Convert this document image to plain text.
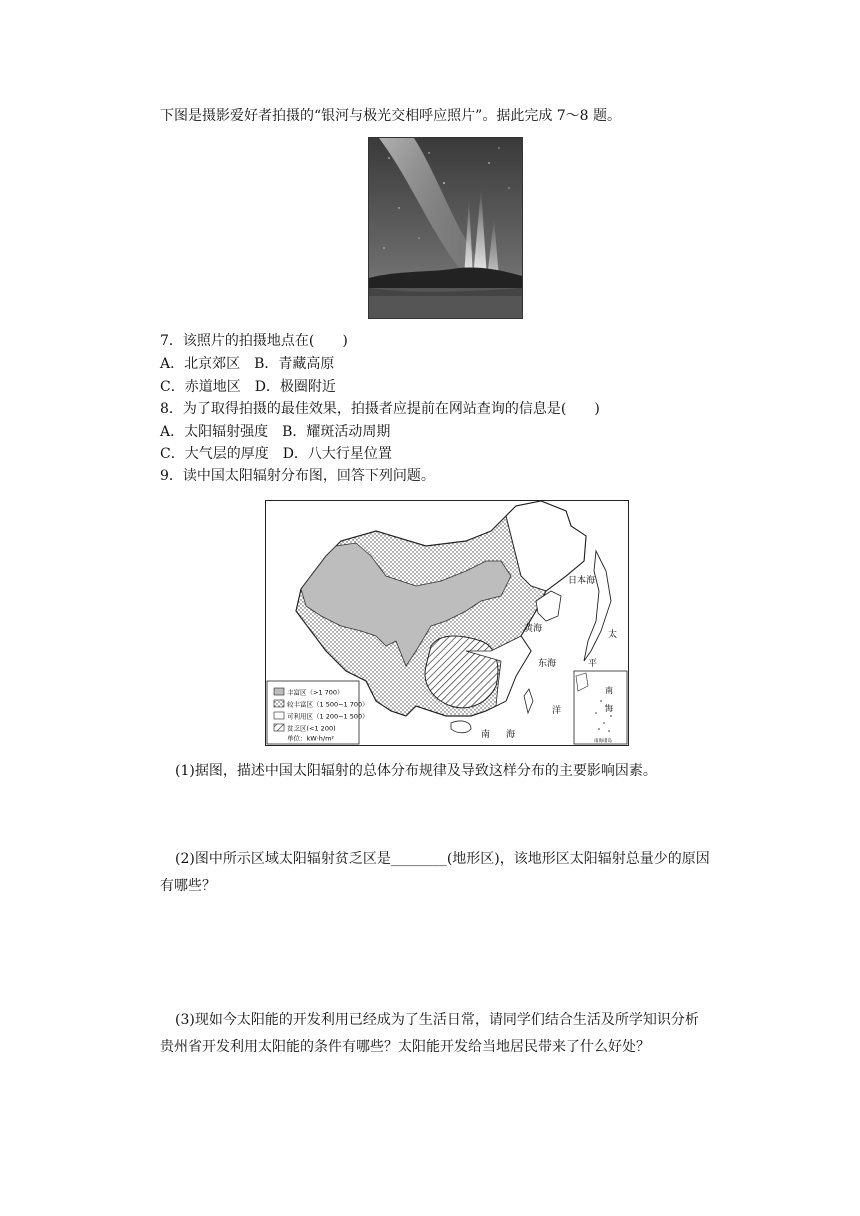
下图是摄影爱好者拍摄的“银河与极光交相呼应照片”。据此完成 7～8 题。
7．该照片的拍摄地点在(　　)
A．北京郊区　B．青藏高原
C．赤道地区　D．极圈附近
8．为了取得拍摄的最佳效果，拍摄者应提前在网站查询的信息是(　　)
A．太阳辐射强度　B．耀斑活动周期
C．大气层的厚度　D．八大行星位置
9．读中国太阳辐射分布图，回答下列问题。
丰富区（>1 700）
较丰富区（1 500~1 700）
可利用区（1 200~1 500）
贫乏区(<1 200)
单位：kW·h/m²
日本海
黄海
东海
太
平
洋
南 海
南
海
南海诸岛
(1)据图，描述中国太阳辐射的总体分布规律及导致这样分布的主要影响因素。
(2)图中所示区域太阳辐射贫乏区是________(地形区)，该地形区太阳辐射总量少的原因
有哪些？
(3)现如今太阳能的开发利用已经成为了生活日常，请同学们结合生活及所学知识分析
贵州省开发利用太阳能的条件有哪些？太阳能开发给当地居民带来了什么好处？
